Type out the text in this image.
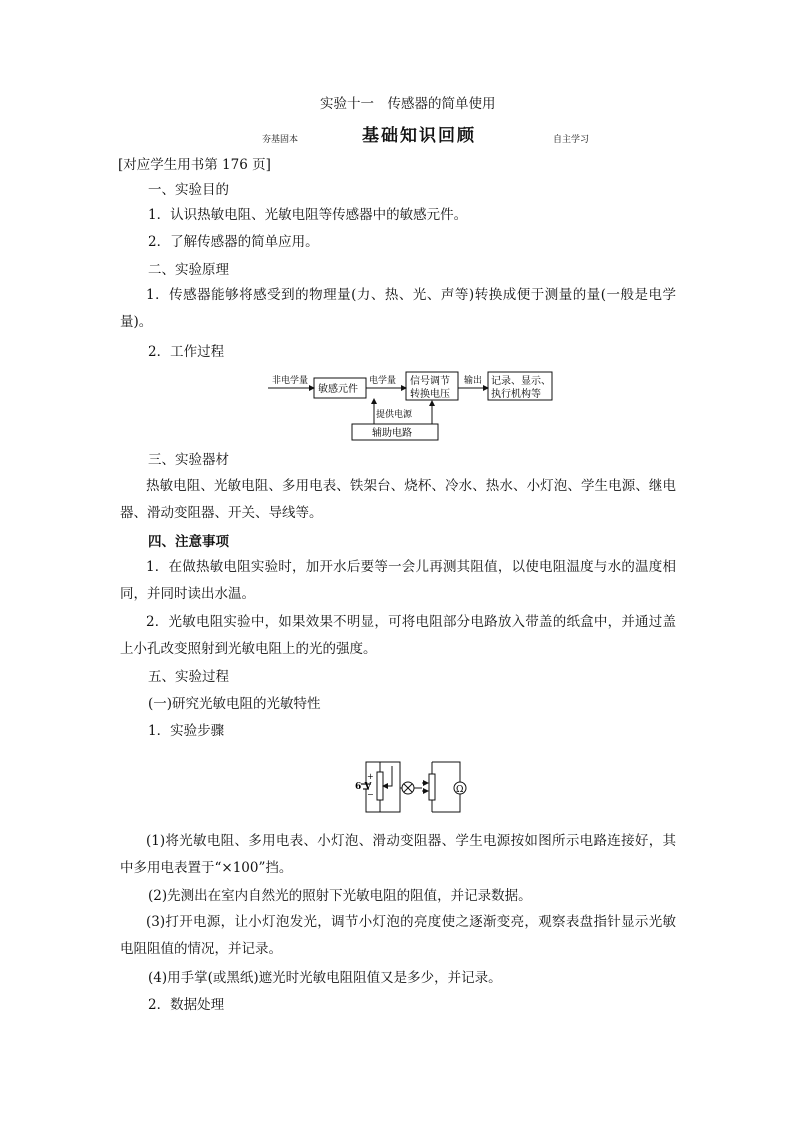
实验十一　传感器的简单使用
夯基固本	基础知识回顾	自主学习
[对应学生用书第 176 页]
一、实验目的
1．认识热敏电阻、光敏电阻等传感器中的敏感元件。
2．了解传感器的简单应用。
二、实验原理
1．传感器能够将感受到的物理量(力、热、光、声等)转换成便于测量的量(一般是电学量)。
2．工作过程
非电学量
敏感元件
电学量 信号调节
转换电压
输出 记录、显示、
执行机构等
提供电源
辅助电路
三、实验器材
热敏电阻、光敏电阻、多用电表、铁架台、烧杯、冷水、热水、小灯泡、学生电源、继电器、滑动变阻器、开关、导线等。
四、注意事项
1．在做热敏电阻实验时，加开水后要等一会儿再测其阻值，以使电阻温度与水的温度相同，并同时读出水温。
2．光敏电阻实验中，如果效果不明显，可将电阻部分电路放入带盖的纸盒中，并通过盖上小孔改变照射到光敏电阻上的光的强度。
五、实验过程
(一)研究光敏电阻的光敏特性
1．实验步骤
6 V
+
−	Ω
(1)将光敏电阻、多用电表、小灯泡、滑动变阻器、学生电源按如图所示电路连接好，其中多用电表置于“×100”挡。
(2)先测出在室内自然光的照射下光敏电阻的阻值，并记录数据。
(3)打开电源，让小灯泡发光，调节小灯泡的亮度使之逐渐变亮，观察表盘指针显示光敏电阻阻值的情况，并记录。
(4)用手掌(或黑纸)遮光时光敏电阻阻值又是多少，并记录。
2．数据处理
